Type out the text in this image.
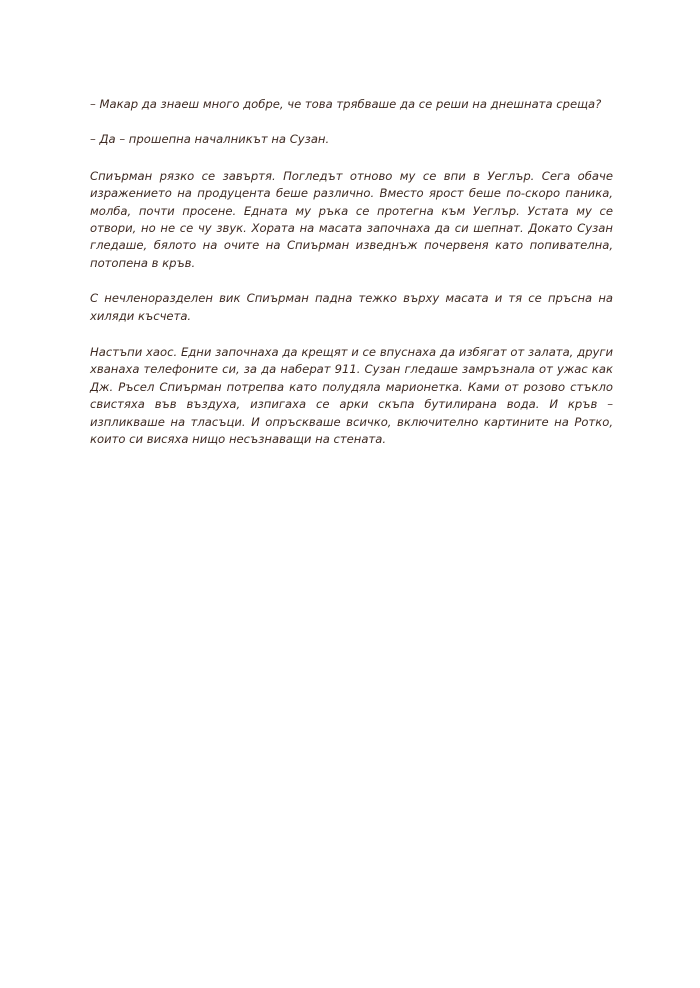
– Макар да знаеш много добре, че това трябваше да се реши на днешната среща?

– Да – прошепна началникът на Сузан.

Спиърман рязко се завъртя. Погледът отново му се впи в Уеглър. Сега обаче изражението на продуцента беше различно. Вместо ярост беше по-скоро паника, молба, почти просене. Едната му ръка се протегна към Уеглър. Устата му се отвори, но не се чу звук. Хората на масата започнаха да си шепнат. Докато Сузан гледаше, бялото на очите на Спиърман изведнъж почервеня като попивателна, потопена в кръв.

С нечленоразделен вик Спиърман падна тежко върху масата и тя се пръсна на хиляди късчета.

Настъпи хаос. Едни започнаха да крещят и се впуснаха да избягат от залата, други хванаха телефоните си, за да наберат 911. Сузан гледаше замръзнала от ужас как Дж. Ръсел Спиърман потрепва като полудяла марионетка. Ками от розово стъкло свистяха във въздуха, изпигаха се арки скъпа бутилирана вода. И кръв – изпликваше на тласъци. И опръскваше всичко, включително картините на Ротко, които си висяха нищо несъзнаващи на стената.
